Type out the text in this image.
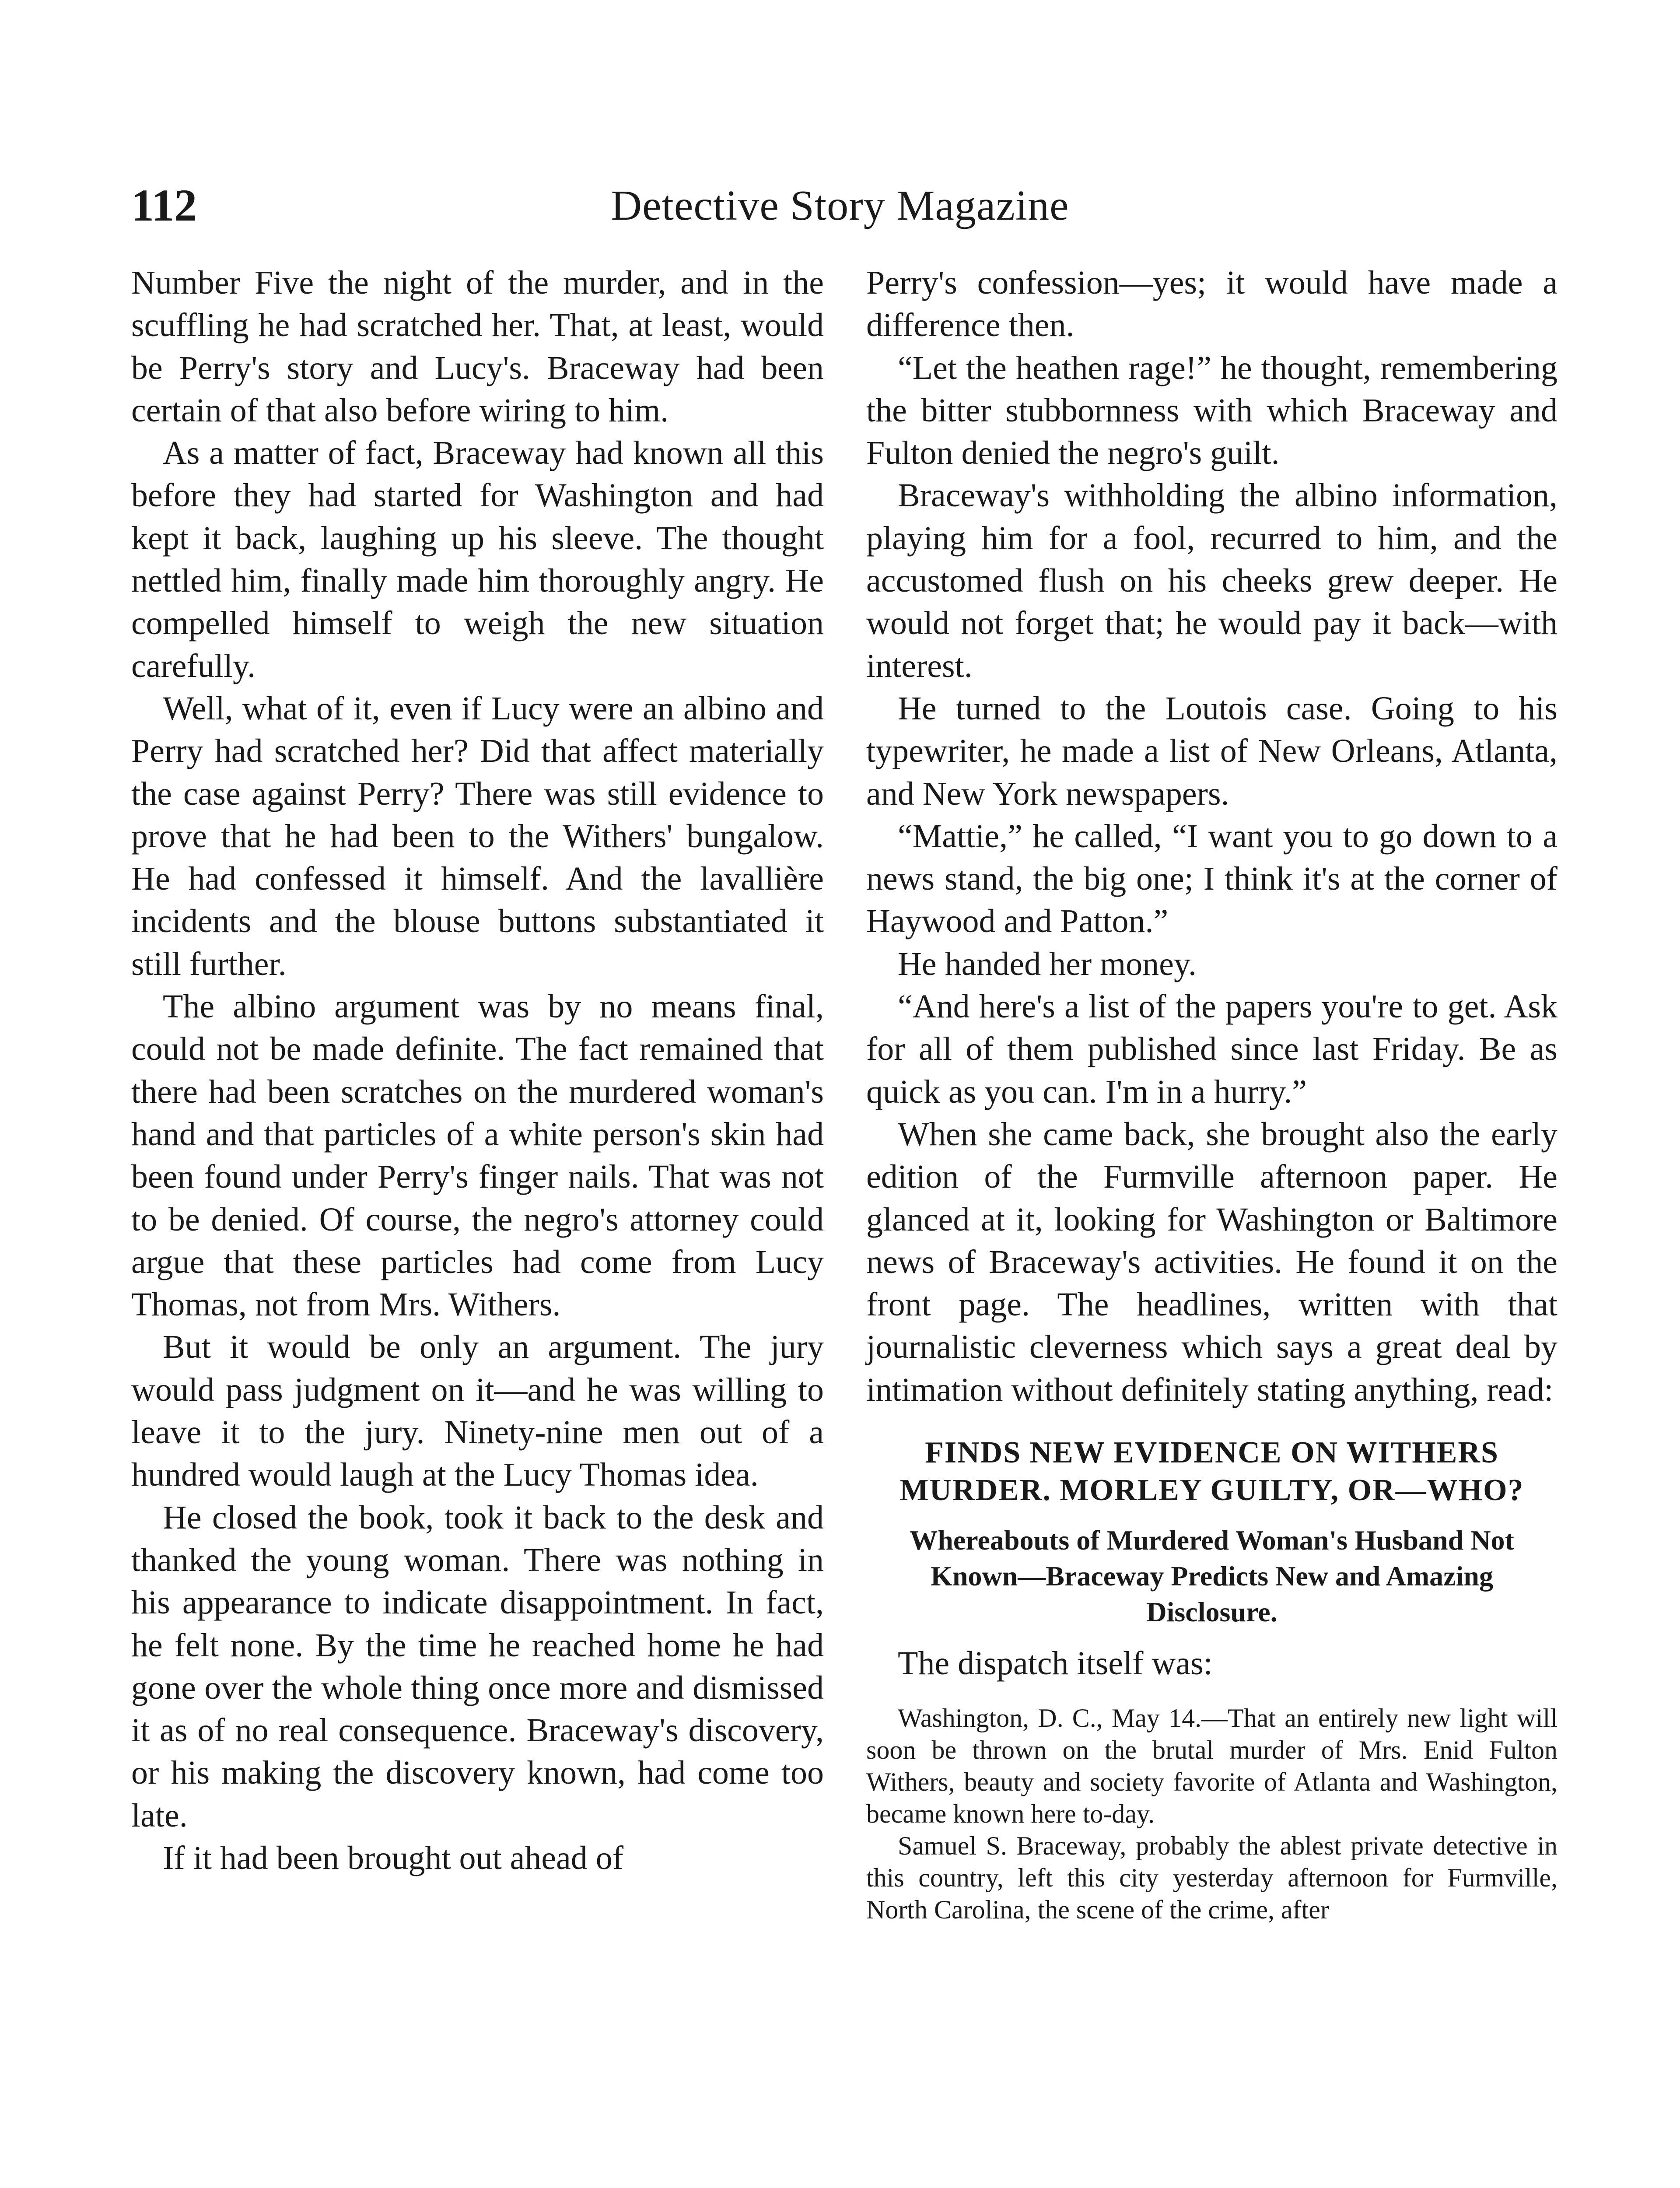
112	Detective Story Magazine

Number Five the night of the murder, and in the scuffling he had scratched her. That, at least, would be Perry's story and Lucy's. Braceway had been certain of that also before wiring to him.

As a matter of fact, Braceway had known all this before they had started for Washington and had kept it back, laughing up his sleeve. The thought nettled him, finally made him thoroughly angry. He compelled himself to weigh the new situation carefully.

Well, what of it, even if Lucy were an albino and Perry had scratched her? Did that affect materially the case against Perry? There was still evidence to prove that he had been to the Withers' bungalow. He had confessed it himself. And the lavallière incidents and the blouse buttons substantiated it still further.

The albino argument was by no means final, could not be made definite. The fact remained that there had been scratches on the murdered woman's hand and that particles of a white person's skin had been found under Perry's finger nails. That was not to be denied. Of course, the negro's attorney could argue that these particles had come from Lucy Thomas, not from Mrs. Withers.

But it would be only an argument. The jury would pass judgment on it—and he was willing to leave it to the jury. Ninety-nine men out of a hundred would laugh at the Lucy Thomas idea.

He closed the book, took it back to the desk and thanked the young woman. There was nothing in his appearance to indicate disappointment. In fact, he felt none. By the time he reached home he had gone over the whole thing once more and dismissed it as of no real consequence. Braceway's discovery, or his making the discovery known, had come too late.

If it had been brought out ahead of

Perry's confession—yes; it would have made a difference then.

“Let the heathen rage!” he thought, remembering the bitter stubbornness with which Braceway and Fulton denied the negro's guilt.

Braceway's withholding the albino information, playing him for a fool, recurred to him, and the accustomed flush on his cheeks grew deeper. He would not forget that; he would pay it back—with interest.

He turned to the Loutois case. Going to his typewriter, he made a list of New Orleans, Atlanta, and New York newspapers.

“Mattie,” he called, “I want you to go down to a news stand, the big one; I think it's at the corner of Haywood and Patton.”

He handed her money.

“And here's a list of the papers you're to get. Ask for all of them published since last Friday. Be as quick as you can. I'm in a hurry.”

When she came back, she brought also the early edition of the Furmville afternoon paper. He glanced at it, looking for Washington or Baltimore news of Braceway's activities. He found it on the front page. The headlines, written with that journalistic cleverness which says a great deal by intimation without definitely stating anything, read:

FINDS NEW EVIDENCE ON WITHERS MURDER. MORLEY GUILTY, OR—WHO?
Whereabouts of Murdered Woman's Husband Not Known—Braceway Predicts New and Amazing Disclosure.

The dispatch itself was:

Washington, D. C., May 14.—That an entirely new light will soon be thrown on the brutal murder of Mrs. Enid Fulton Withers, beauty and society favorite of Atlanta and Washington, became known here to-day.

Samuel S. Braceway, probably the ablest private detective in this country, left this city yesterday afternoon for Furmville, North Carolina, the scene of the crime, after
